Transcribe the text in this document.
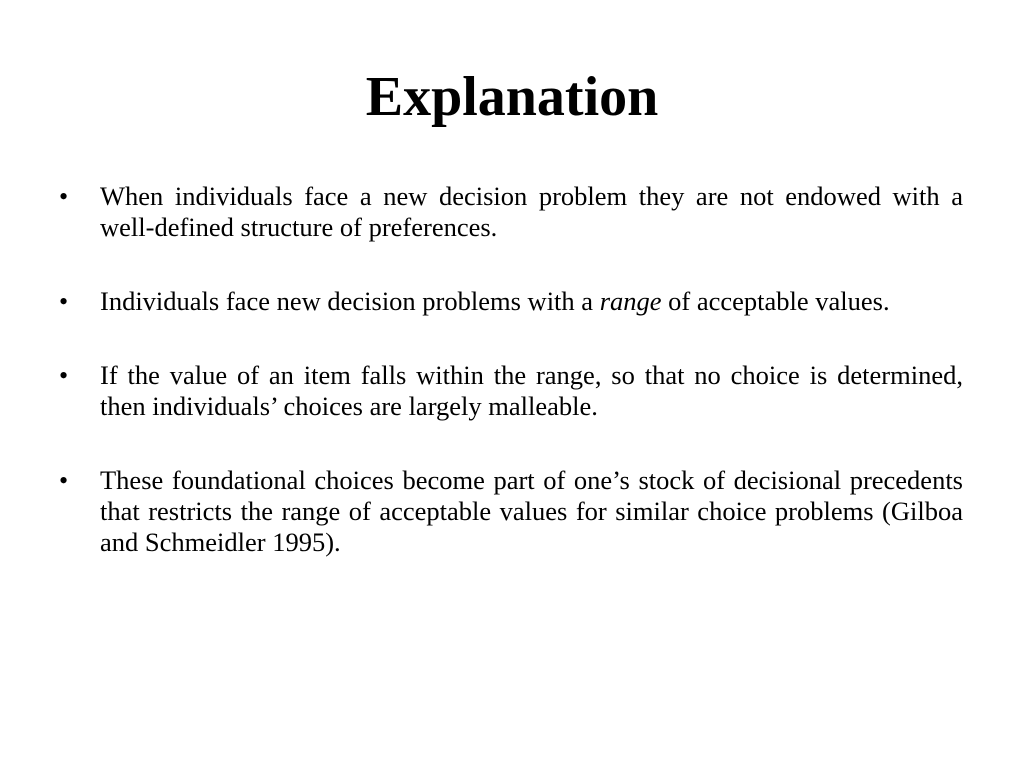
Explanation
• When individuals face a new decision problem they are not endowed with a well-defined structure of preferences.
• Individuals face new decision problems with a range of acceptable values.
• If the value of an item falls within the range, so that no choice is determined, then individuals’ choices are largely malleable.
• These foundational choices become part of one’s stock of decisional precedents that restricts the range of acceptable values for similar choice problems (Gilboa and Schmeidler 1995).
